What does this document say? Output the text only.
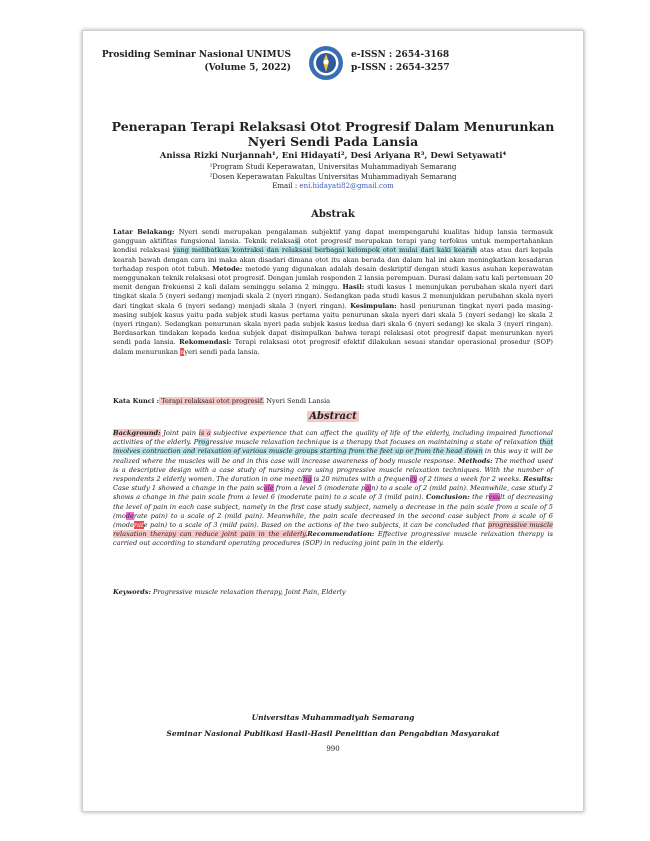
Prosiding Seminar Nasional UNIMUS
(Volume 5, 2022)
e-ISSN : 2654-3168
p-ISSN : 2654-3257
Penerapan Terapi Relaksasi Otot Progresif Dalam Menurunkan
Nyeri Sendi Pada Lansia
Anissa Rizki Nurjannah¹, Eni Hidayati², Desi Ariyana R³, Dewi Setyawati⁴
¹Program Studi Keperawatan, Universitas Muhammadiyah Semarang
²Dosen Keperawatan Fakultas Universitas Muhammadiyah Semarang
Email : eni.hidayati82@gmail.com
Abstrak
Latar Belakang: Nyeri sendi merupakan pengalaman subjektif yang dapat mempengaruhi kualitas hidup lansia termasuk gangguan aktifitas fungsional lansia. Teknik relaksasi otot progresif merupakan terapi yang terfokus untuk mempertahankan kondisi relaksasi yang melibatkan kontraksi dan relaksasi berbagai kelompok otot mulai dari kaki kearah atas atau dari kepala kearah bawah dengan cara ini maka akan disadari dimana otot itu akan berada dan dalam hal ini akan meningkatkan kesadaran terhadap respon otot tubuh. Metode: metode yang digunakan adalah desain deskriptif dengan studi kasus asuhan keperawatan menggunakan teknik relaksasi otot progresif. Dengan jumlah responden 2 lansia perempuan. Durasi dalam satu kali pertemuan 20 menit dengan frekuensi 2 kali dalam seminggu selama 2 minggu. Hasil: studi kasus 1 menunjukan perubahan skala nyeri dari tingkat skala 5 (nyeri sedang) menjadi skala 2 (nyeri ringan). Sedangkan pada studi kasus 2 menunjukkan perubahan skala nyeri dari tingkat skala 6 (nyeri sedang) menjadi skala 3 (nyeri ringan). Kesimpulan: hasil penurunan tingkat nyeri pada masing-masing subjek kasus yaitu pada subjek studi kasus pertama yaitu penurunan skala nyeri dari skala 5 (nyeri sedang) ke skala 2 (nyeri ringan). Sedangkan penurunan skala nyeri pada subjek kasus kedua dari skala 6 (nyeri sedang) ke skala 3 (nyeri ringan). Berdasarkan tindakan kepada kedua subjek dapat disimpulkan bahwa terapi relaksasi otot progresif dapat menurunkan nyeri sendi pada lansia. Rekomendasi: Terapi relaksasi otot progresif efektif dilakukan sesuai standar operasional prosedur (SOP) dalam menurunkan nyeri sendi pada lansia.
Kata Kunci : Terapi relaksasi otot progresif. Nyeri Sendi Lansia
Abstract
Background: Joint pain is a subjective experience that can affect the quality of life of the elderly, including impaired functional activities of the elderly. Progressive muscle relaxation technique is a therapy that focuses on maintaining a state of relaxation that involves contraction and relaxation of various muscle groups starting from the feet up or from the head down in this way it will be realized where the muscles will be and in this case will increase awareness of body muscle response. Methods: The method used is a descriptive design with a case study of nursing care using progressive muscle relaxation techniques. With the number of respondents 2 elderly women. The duration in one meeting is 20 minutes with a frequency of 2 times a week for 2 weeks. Results: Case study 1 showed a change in the pain scale from a level 5 (moderate pain) to a scale of 2 (mild pain). Meanwhile, case study 2 shows a change in the pain scale from a level 6 (moderate pain) to a scale of 3 (mild pain). Conclusion: the result of decreasing the level of pain in each case subject, namely in the first case study subject, namely a decrease in the pain scale from a scale of 5 (moderate pain) to a scale of 2 (mild pain). Meanwhile, the pain scale decreased in the second case subject from a scale of 6 (moderate pain) to a scale of 3 (mild pain). Based on the actions of the two subjects, it can be concluded that progressive muscle relaxation therapy can reduce joint pain in the elderly.Recommendation: Effective progressive muscle relaxation therapy is carried out according to standard operating procedures (SOP) in reducing joint pain in the elderly.
Keywords: Progressive muscle relaxation therapy, Joint Pain, Elderly
Universitas Muhammadiyah Semarang
Seminar Nasional Publikasi Hasil-Hasil Penelitian dan Pengabdian Masyarakat
990
